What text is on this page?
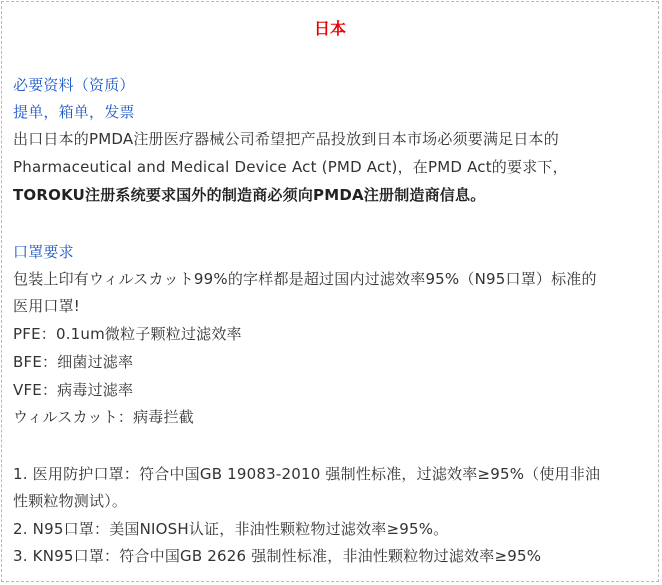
日本
必要资料（资质）
提单，箱单，发票
出口日本的PMDA注册医疗器械公司希望把产品投放到日本市场必须要满足日本的
Pharmaceutical and Medical Device Act (PMD Act)，在PMD Act的要求下，
TOROKU注册系统要求国外的制造商必须向PMDA注册制造商信息。
口罩要求
包装上印有ウィルスカット99%的字样都是超过国内过滤效率95%（N95口罩）标准的
医用口罩!
PFE：0.1um微粒子颗粒过滤效率
BFE：细菌过滤率
VFE：病毒过滤率
ウィルスカット：病毒拦截
1. 医用防护口罩：符合中国GB 19083-2010 强制性标准，过滤效率≥95%（使用非油
性颗粒物测试）。
2. N95口罩：美国NIOSH认证，非油性颗粒物过滤效率≥95%。
3. KN95口罩：符合中国GB 2626 强制性标准，非油性颗粒物过滤效率≥95%
